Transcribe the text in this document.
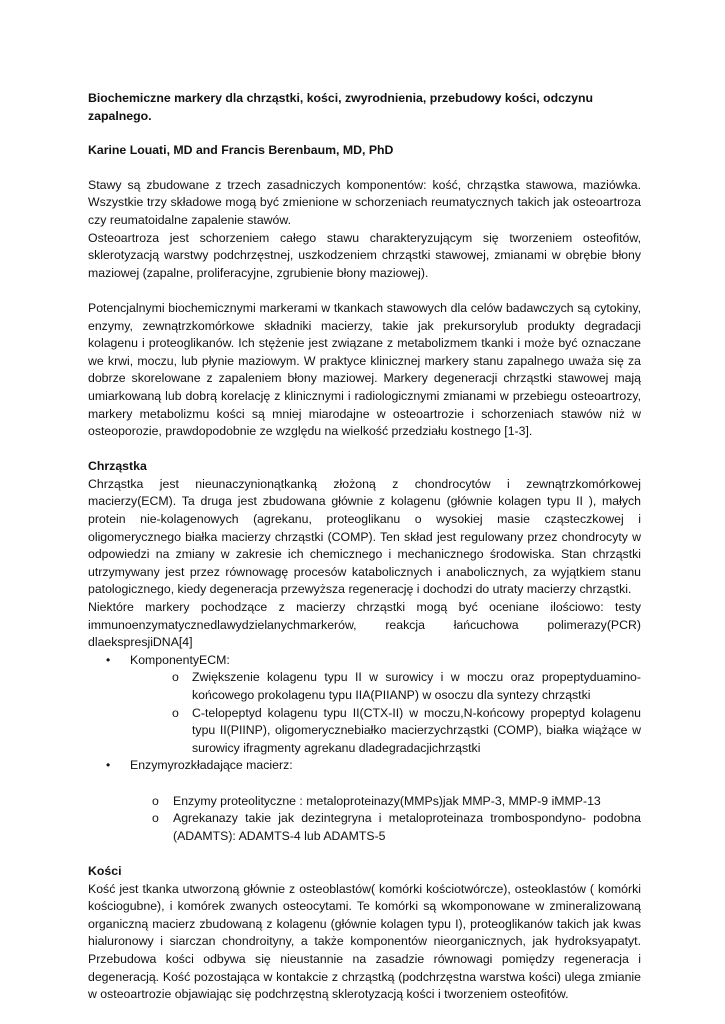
Biochemiczne markery dla chrząstki, kości, zwyrodnienia, przebudowy kości, odczynu zapalnego.

Karine Louati, MD and Francis Berenbaum, MD, PhD

Stawy są zbudowane z trzech zasadniczych komponentów: kość, chrząstka stawowa, maziówka. Wszystkie trzy składowe mogą być zmienione w schorzeniach reumatycznych takich jak osteoartroza czy reumatoidalne zapalenie stawów.

Osteoartroza jest schorzeniem całego stawu charakteryzującym się tworzeniem osteofitów, sklerotyzacją warstwy podchrzęstnej, uszkodzeniem chrząstki stawowej, zmianami w obrębie błony maziowej (zapalne, proliferacyjne, zgrubienie błony maziowej).

Potencjalnymi biochemicznymi markerami w tkankach stawowych dla celów badawczych są cytokiny, enzymy, zewnątrzkomórkowe składniki macierzy, takie jak prekursorylub produkty degradacji kolagenu i proteoglikanów. Ich stężenie jest związane z metabolizmem tkanki i może być oznaczane we krwi, moczu, lub płynie maziowym. W praktyce klinicznej markery stanu zapalnego uważa się za dobrze skorelowane z zapaleniem błony maziowej. Markery degeneracji chrząstki stawowej mają umiarkowaną lub dobrą korelację z klinicznymi i radiologicznymi zmianami w przebiegu osteoartrozy, markery metabolizmu kości są mniej miarodajne w osteoartrozie i schorzeniach stawów niż w osteoporozie, prawdopodobnie ze względu na wielkość przedziału kostnego [1-3].

Chrząstka

Chrząstka jest nieunaczynionątkanką złożoną z chondrocytów i zewnątrzkomórkowej macierzy(ECM). Ta druga jest zbudowana głównie z kolagenu (głównie kolagen typu II ), małych protein nie-kolagenowych (agrekanu, proteoglikanu o wysokiej masie cząsteczkowej i oligomerycznego białka macierzy chrząstki (COMP). Ten skład jest regulowany przez chondrocyty w odpowiedzi na zmiany w zakresie ich chemicznego i mechanicznego środowiska. Stan chrząstki utrzymywany jest przez równowagę procesów katabolicznych i anabolicznych, za wyjątkiem stanu patologicznego, kiedy degeneracja przewyższa regenerację i dochodzi do utraty macierzy chrząstki.

Niektóre markery pochodzące z macierzy chrząstki mogą być oceniane ilościowo: testy immunoenzymatycznedlawydzielanychmarkerów, reakcja łańcuchowa polimerazy(PCR) dlaekspresjiDNA[4]

• KomponentyECM:
o Zwiększenie kolagenu typu II w surowicy i w moczu oraz propeptyduamino-końcowego prokolagenu typu IIA(PIIANP) w osoczu dla syntezy chrząstki
o C-telopeptyd kolagenu typu II(CTX-II) w moczu,N-końcowy propeptyd kolagenu typu II(PIINP), oligomerycznebiałko macierzychrząstki (COMP), białka wiążące w surowicy ifragmenty agrekanu dladegradacjichrząstki
• Enzymyrozkładające macierz:
o Enzymy proteolityczne : metaloproteinazy(MMPs)jak MMP-3, MMP-9 iMMP-13
o Agrekanazy takie jak dezintegryna i metaloproteinaza trombospondyno- podobna (ADAMTS): ADAMTS-4 lub ADAMTS-5

Kości

Kość jest tkanka utworzoną głównie z osteoblastów( komórki kościotwórcze), osteoklastów ( komórki kościogubne), i komórek zwanych osteocytami. Te komórki są wkomponowane w zmineralizowaną organiczną macierz zbudowaną z kolagenu (głównie kolagen typu I), proteoglikanów takich jak kwas hialuronowy i siarczan chondroityny, a także komponentów nieorganicznych, jak hydroksyapatyt. Przebudowa kości odbywa się nieustannie na zasadzie równowagi pomiędzy regeneracja i degeneracją. Kość pozostająca w kontakcie z chrząstką (podchrzęstna warstwa kości) ulega zmianie w osteoartrozie objawiając się podchrzęstną sklerotyzacją kości i tworzeniem osteofitów.
